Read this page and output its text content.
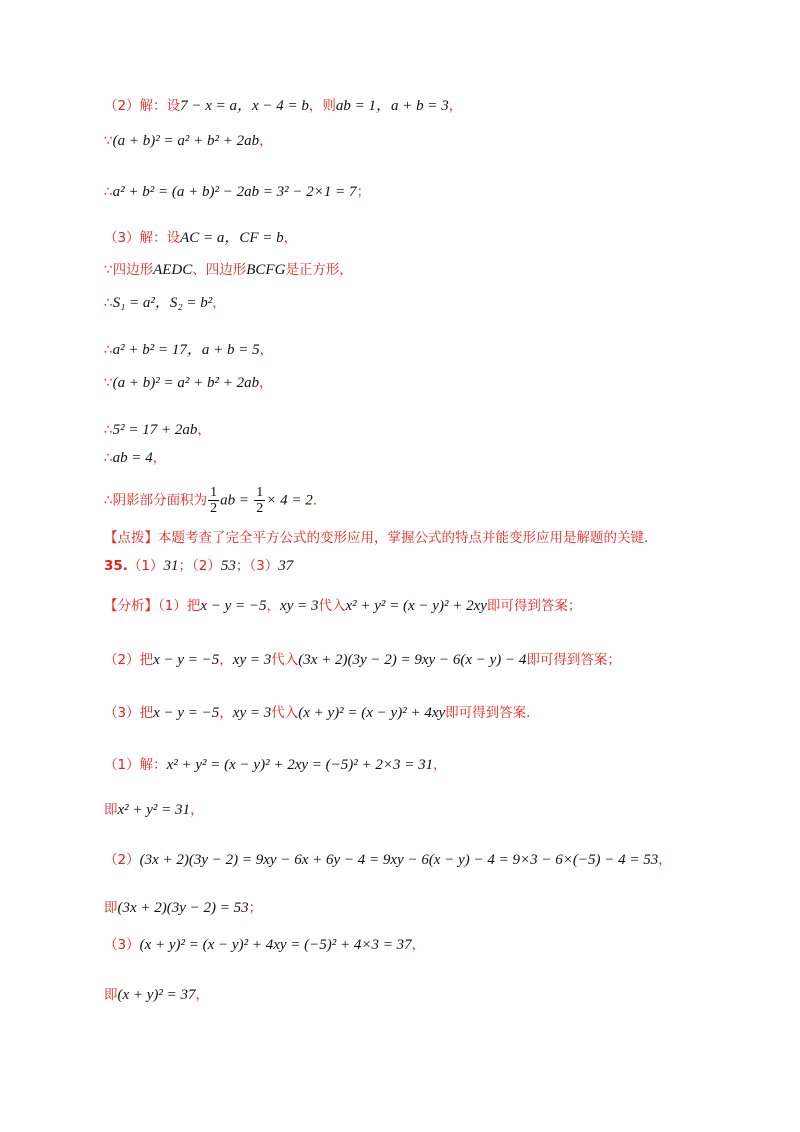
（2）解：设7 − x = a，x − 4 = b，则ab = 1，a + b = 3，
∵(a + b)² = a² + b² + 2ab，
∴a² + b² = (a + b)² − 2ab = 3² − 2×1 = 7；
（3）解：设AC = a，CF = b，
∵四边形AEDC、四边形BCFG是正方形，
∴S₁ = a²，S₂ = b²，
∴a² + b² = 17，a + b = 5，
∵(a + b)² = a² + b² + 2ab，
∴5² = 17 + 2ab，
∴ab = 4，
【点拨】本题考查了完全平方公式的变形应用，掌握公式的特点并能变形应用是解题的关键.
35.（1）31；（2）53；（3）37
【分析】（1）把x − y = −5，xy = 3代入x² + y² = (x − y)² + 2xy即可得到答案；
（2）把x − y = −5，xy = 3代入(3x + 2)(3y − 2) = 9xy − 6(x − y) − 4即可得到答案；
（3）把x − y = −5，xy = 3代入(x + y)² = (x − y)² + 4xy即可得到答案.
（1）解：x² + y² = (x − y)² + 2xy = (−5)² + 2×3 = 31，
即x² + y² = 31，
（2）(3x + 2)(3y − 2) = 9xy − 6x + 6y − 4 = 9xy − 6(x − y) − 4 = 9×3 − 6×(−5) − 4 = 53，
即(3x + 2)(3y − 2) = 53；
（3）(x + y)² = (x − y)² + 4xy = (−5)² + 4×3 = 37，
即(x + y)² = 37，
∴阴影部分面积为 $\frac{1}{2}$ ab = $\frac{1}{2} \times 4 = 2$.
